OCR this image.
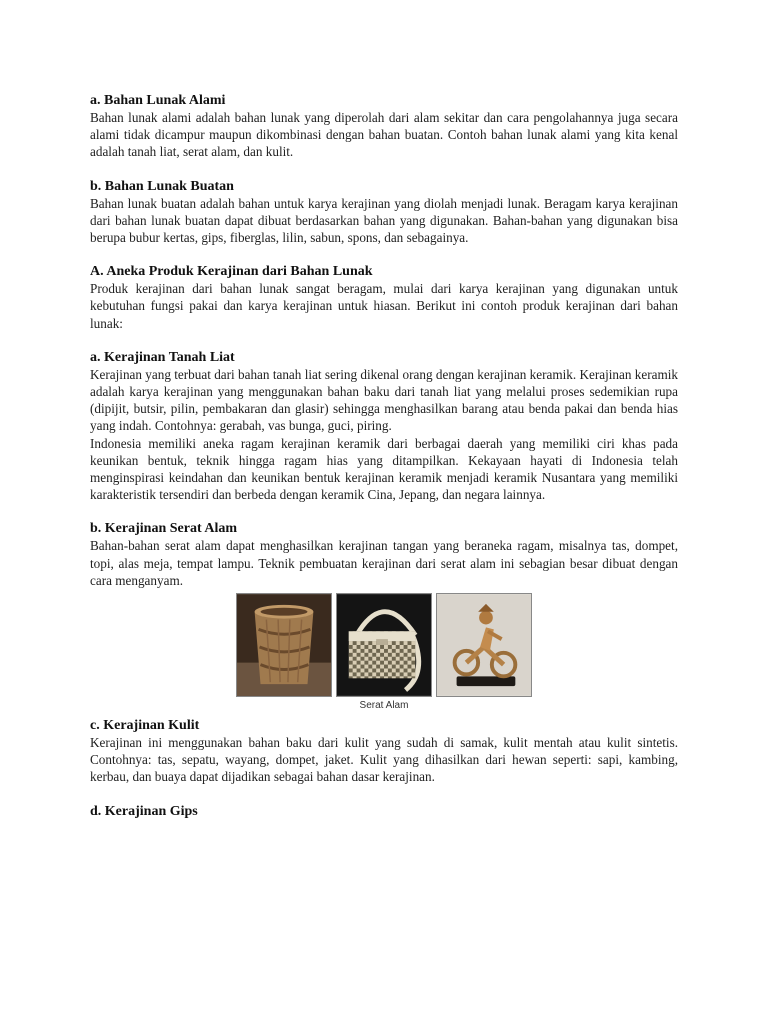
a. Bahan Lunak Alami

Bahan lunak alami adalah bahan lunak yang diperolah dari alam sekitar dan cara pengolahannya juga secara alami tidak dicampur maupun dikombinasi dengan bahan buatan. Contoh bahan lunak alami yang kita kenal adalah tanah liat, serat alam, dan kulit.

b. Bahan Lunak Buatan

Bahan lunak buatan adalah bahan untuk karya kerajinan yang diolah menjadi lunak. Beragam karya kerajinan dari bahan lunak buatan dapat dibuat berdasarkan bahan yang digunakan. Bahan-bahan yang digunakan bisa berupa bubur kertas, gips, fiberglas, lilin, sabun, spons, dan sebagainya.

A. Aneka Produk Kerajinan dari Bahan Lunak

Produk kerajinan dari bahan lunak sangat beragam, mulai dari karya kerajinan yang digunakan untuk kebutuhan fungsi pakai dan karya kerajinan untuk hiasan. Berikut ini contoh produk kerajinan dari bahan lunak:

a. Kerajinan Tanah Liat

Kerajinan yang terbuat dari bahan tanah liat sering dikenal orang dengan kerajinan keramik. Kerajinan keramik adalah karya kerajinan yang menggunakan bahan baku dari tanah liat yang melalui proses sedemikian rupa (dipijit, butsir, pilin, pembakaran dan glasir) sehingga menghasilkan barang atau benda pakai dan benda hias yang indah. Contohnya: gerabah, vas bunga, guci, piring.

Indonesia memiliki aneka ragam kerajinan keramik dari berbagai daerah yang memiliki ciri khas pada keunikan bentuk, teknik hingga ragam hias yang ditampilkan. Kekayaan hayati di Indonesia telah menginspirasi keindahan dan keunikan bentuk kerajinan keramik menjadi keramik Nusantara yang memiliki karakteristik tersendiri dan berbeda dengan keramik Cina, Jepang, dan negara lainnya.

b. Kerajinan Serat Alam

Bahan-bahan serat alam dapat menghasilkan kerajinan tangan yang beraneka ragam, misalnya tas, dompet, topi, alas meja, tempat lampu. Teknik pembuatan kerajinan dari serat alam ini sebagian besar dibuat dengan cara menganyam.

Serat Alam
c. Kerajinan Kulit

Kerajinan ini menggunakan bahan baku dari kulit yang sudah di samak, kulit mentah atau kulit sintetis. Contohnya: tas, sepatu, wayang, dompet, jaket. Kulit yang dihasilkan dari hewan seperti: sapi, kambing, kerbau, dan buaya dapat dijadikan sebagai bahan dasar kerajinan.

d. Kerajinan Gips
